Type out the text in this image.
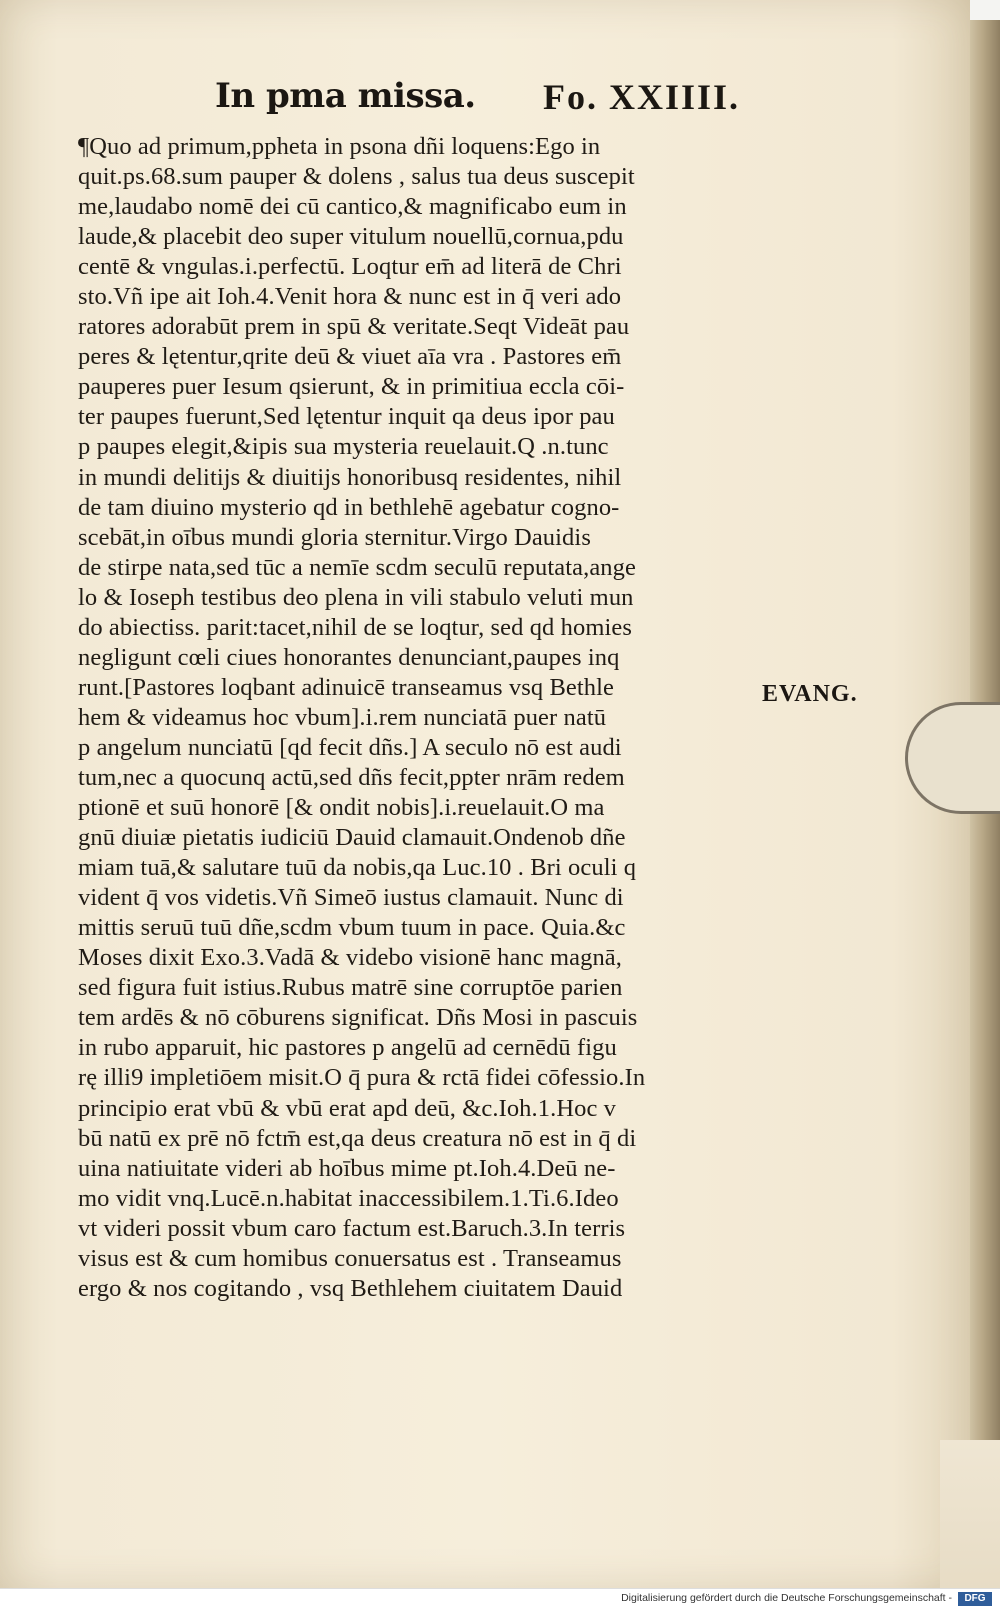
In pma missa. Fo. XXIIII.
¶Quo ad primum,ppheta in psona dñi loquens:Ego in
quit.ps.68.sum pauper & dolens , salus tua deus suscepit
me,laudabo nomē dei cū cantico,& magnificabo eum in
laude,& placebit deo super vitulum nouellū,cornua,pdu
centē & vngulas.i.perfectū. Loqtur em̄ ad literā de Chri
sto.Vñ ipe ait Ioh.4.Venit hora & nunc est in q̄ veri ado
ratores adorabūt prem in spū & veritate.Seqt Videāt pau
peres & lętentur,qrite deū & viuet aīa vra . Pastores em̄
pauperes puer Iesum qsierunt, & in primitiua eccla cōi-
ter paupes fuerunt,Sed lętentur inquit qa deus ipor pau
p paupes elegit,&ipis sua mysteria reuelauit.Q .n.tunc
in mundi delitijs & diuitijs honoribusq residentes, nihil
de tam diuino mysterio qd in bethlehē agebatur cogno-
scebāt,in oībus mundi gloria sternitur.Virgo Dauidis
de stirpe nata,sed tūc a nemīe scdm seculū reputata,ange
lo & Ioseph testibus deo plena in vili stabulo veluti mun
do abiectiss. parit:tacet,nihil de se loqtur, sed qd homies
negligunt cœli ciues honorantes denunciant,paupes inq
runt.[Pastores loqbant adinuicē transeamus vsq Bethle
hem & videamus hoc vbum].i.rem nunciatā puer natū
p angelum nunciatū [qd fecit dñs.] A seculo nō est audi
tum,nec a quocunq actū,sed dñs fecit,ppter nrām redem
ptionē et suū honorē [& ondit nobis].i.reuelauit.O ma
gnū diuiæ pietatis iudiciū Dauid clamauit.Ondenob dñe
miam tuā,& salutare tuū da nobis,qa Luc.10 . Bri oculi q
vident q̄ vos videtis.Vñ Simeō iustus clamauit. Nunc di
mittis seruū tuū dñe,scdm vbum tuum in pace. Quia.&c
Moses dixit Exo.3.Vadā & videbo visionē hanc magnā,
sed figura fuit istius.Rubus matrē sine corruptōe parien
tem ardēs & nō cōburens significat. Dñs Mosi in pascuis
in rubo apparuit, hic pastores p angelū ad cernēdū figu
rę illi9 impletiōem misit.O q̄ pura & rctā fidei cōfessio.In
principio erat vbū & vbū erat apd deū, &c.Ioh.1.Hoc v
bū natū ex prē nō fctm̄ est,qa deus creatura nō est in q̄ di
uina natiuitate videri ab hoībus mime pt.Ioh.4.Deū ne-
mo vidit vnq.Lucē.n.habitat inaccessibilem.1.Ti.6.Ideo
vt videri possit vbum caro factum est.Baruch.3.In terris
visus est & cum homibus conuersatus est . Transeamus
ergo & nos cogitando , vsq Bethlehem ciuitatem Dauid
EVANG.
Digitalisierung gefördert durch die Deutsche Forschungsgemeinschaft -	DFG
